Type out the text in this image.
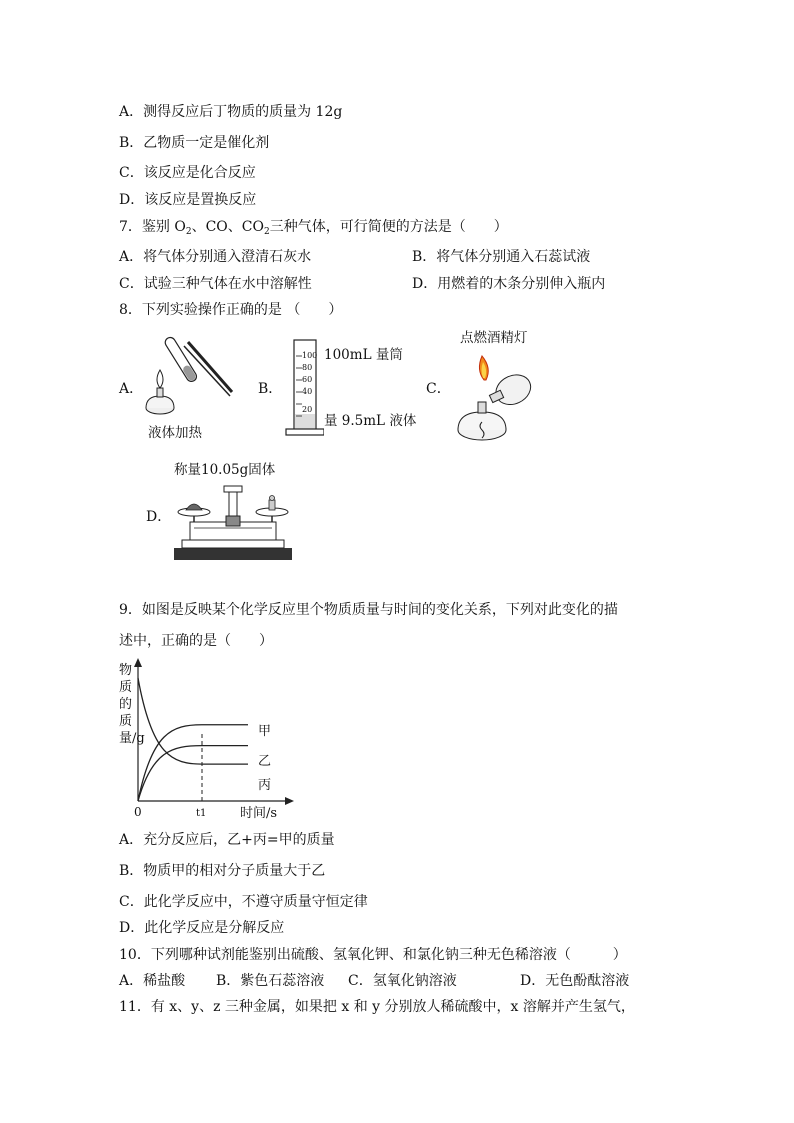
A．测得反应后丁物质的质量为 12g
B．乙物质一定是催化剂
C．该反应是化合反应
D．该反应是置换反应
7．鉴别 $O_2$、CO、$CO_2$三种气体，可行简便的方法是（　　）
A．将气体分别通入澄清石灰水	B．将气体分别通入石蕊试液
C．试验三种气体在水中溶解性	D．用燃着的木条分别伸入瓶内
8．下列实验操作正确的是 （　　）
A．
液体加热
B．
100
80
60
40
20
100mL 量筒
量 9.5mL 液体
C．
点燃酒精灯
称量10.05g固体
D．
9．如图是反映某个化学反应里个物质质量与时间的变化关系，下列对此变化的描
述中，正确的是（　　）
物质的质量/g
0	t1	时间/s
甲
乙
丙
A．充分反应后，乙+丙=甲的质量
B．物质甲的相对分子质量大于乙
C．此化学反应中，不遵守质量守恒定律
D．此化学反应是分解反应
10．下列哪种试剂能鉴别出硫酸、氢氧化钾、和氯化钠三种无色稀溶液（　　　）
A．稀盐酸 B．紫色石蕊溶液 C．氢氧化钠溶液	D．无色酚酞溶液
11．有 x、y、z 三种金属，如果把 x 和 y 分别放人稀硫酸中，x 溶解并产生氢气，
